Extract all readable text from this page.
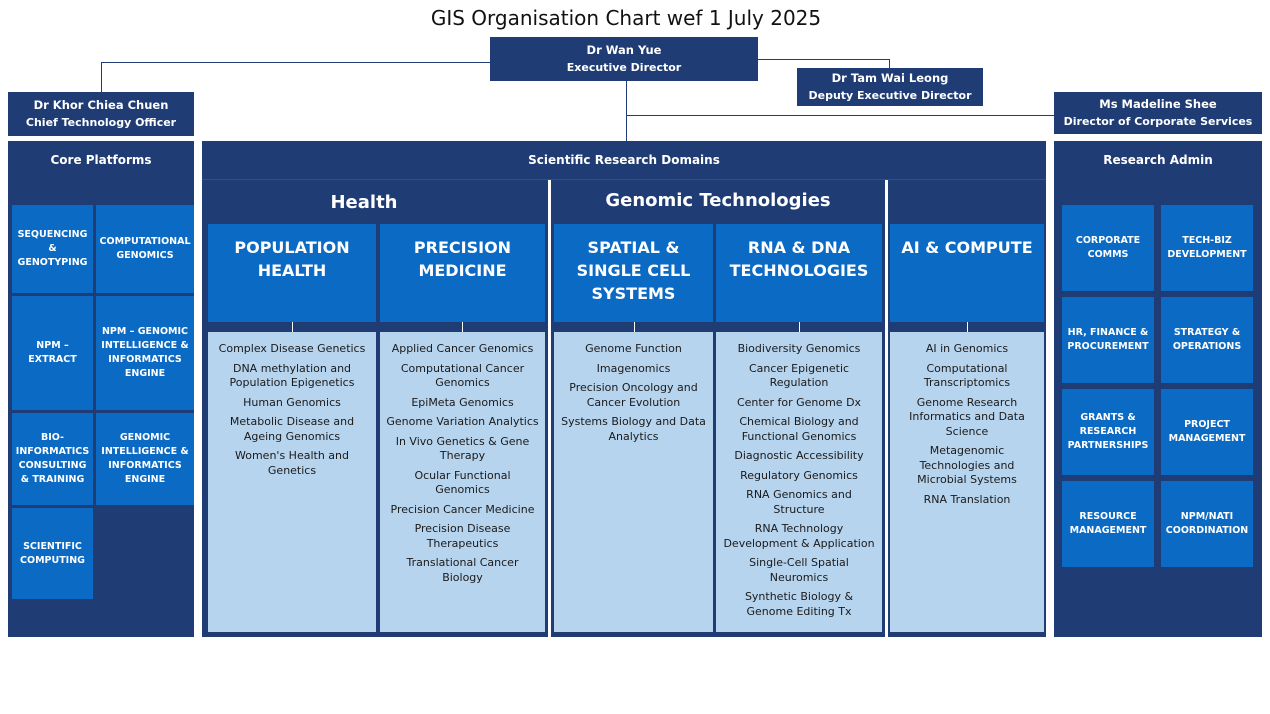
GIS Organisation Chart wef 1 July 2025
Dr Wan Yue
Executive Director
Dr Tam Wai Leong
Deputy Executive Director
Dr Khor Chiea Chuen
Chief Technology Officer
Ms Madeline Shee
Director of Corporate Services
Core Platforms
SEQUENCING & GENOTYPING
COMPUTATIONAL GENOMICS
NPM – EXTRACT
NPM – GENOMIC INTELLIGENCE & INFORMATICS ENGINE
BIO-INFORMATICS CONSULTING & TRAINING
GENOMIC INTELLIGENCE & INFORMATICS ENGINE
SCIENTIFIC COMPUTING
Scientific Research Domains
Health	Genomic Technologies
POPULATION HEALTH
PRECISION MEDICINE
SPATIAL & SINGLE CELL SYSTEMS
RNA & DNA TECHNOLOGIES
AI & COMPUTE
Complex Disease Genetics
DNA methylation and Population Epigenetics
Human Genomics
Metabolic Disease and Ageing Genomics
Women's Health and Genetics
Applied Cancer Genomics
Computational Cancer Genomics
EpiMeta Genomics
Genome Variation Analytics
In Vivo Genetics & Gene Therapy
Ocular Functional Genomics
Precision Cancer Medicine
Precision Disease Therapeutics
Translational Cancer Biology
Genome Function
Imagenomics
Precision Oncology and Cancer Evolution
Systems Biology and Data Analytics
Biodiversity Genomics
Cancer Epigenetic Regulation
Center for Genome Dx
Chemical Biology and Functional Genomics
Diagnostic Accessibility
Regulatory Genomics
RNA Genomics and Structure
RNA Technology Development & Application
Single-Cell Spatial Neuromics
Synthetic Biology & Genome Editing Tx
AI in Genomics
Computational Transcriptomics
Genome Research Informatics and Data Science
Metagenomic Technologies and Microbial Systems
RNA Translation
Research Admin
CORPORATE COMMS
TECH-BIZ DEVELOPMENT
HR, FINANCE & PROCUREMENT
STRATEGY & OPERATIONS
GRANTS & RESEARCH PARTNERSHIPS
PROJECT MANAGEMENT
RESOURCE MANAGEMENT
NPM/NATI COORDINATION
